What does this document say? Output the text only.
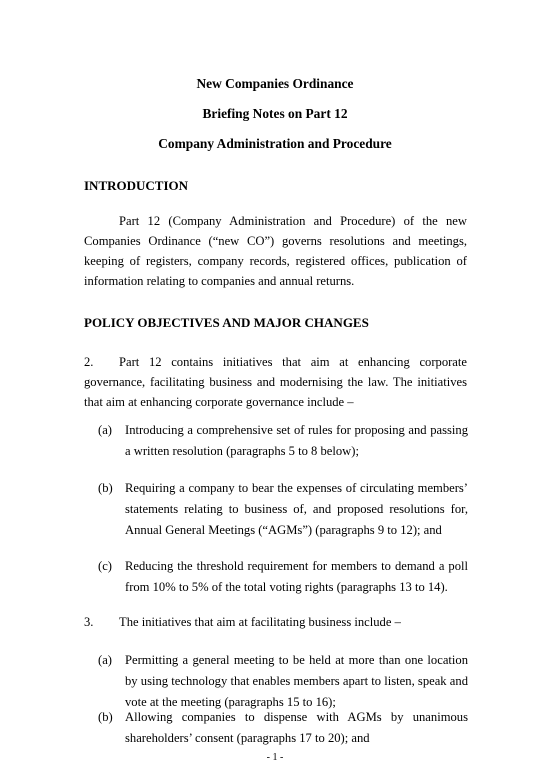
New Companies Ordinance
Briefing Notes on Part 12
Company Administration and Procedure
INTRODUCTION
Part 12 (Company Administration and Procedure) of the new Companies Ordinance (“new CO”) governs resolutions and meetings, keeping of registers, company records, registered offices, publication of information relating to companies and annual returns.
POLICY OBJECTIVES AND MAJOR CHANGES
2. Part 12 contains initiatives that aim at enhancing corporate governance, facilitating business and modernising the law. The initiatives that aim at enhancing corporate governance include –
(a)	Introducing a comprehensive set of rules for proposing and passing a written resolution (paragraphs 5 to 8 below);
(b) Requiring a company to bear the expenses of circulating members’ statements relating to business of, and proposed resolutions for, Annual General Meetings (“AGMs”) (paragraphs 9 to 12); and
(c)	Reducing the threshold requirement for members to demand a poll from 10% to 5% of the total voting rights (paragraphs 13 to 14).
3. The initiatives that aim at facilitating business include –
(a)	Permitting a general meeting to be held at more than one location by using technology that enables members apart to listen, speak and vote at the meeting (paragraphs 15 to 16);
(b) Allowing companies to dispense with AGMs by unanimous shareholders’ consent (paragraphs 17 to 20); and
- 1 -
